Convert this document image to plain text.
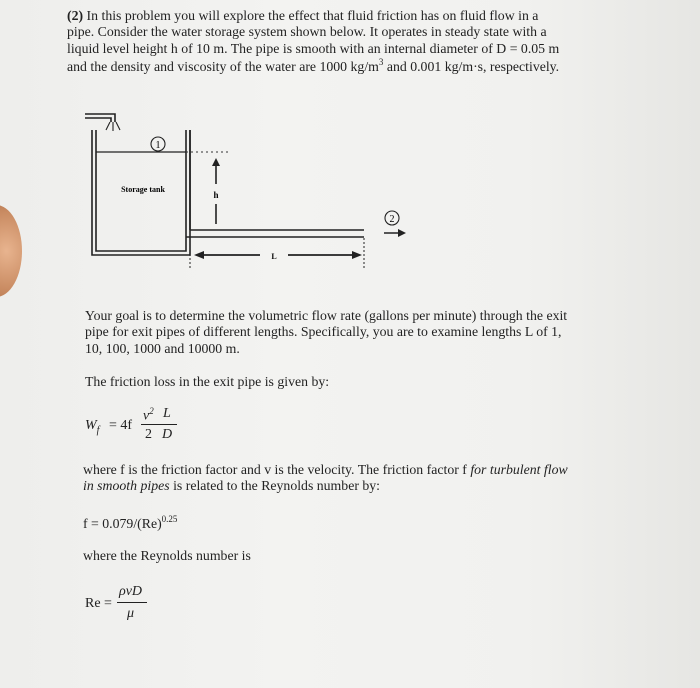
(2) In this problem you will explore the effect that fluid friction has on fluid flow in a
pipe. Consider the water storage system shown below. It operates in steady state with a
liquid level height h of 10 m. The pipe is smooth with an internal diameter of D = 0.05 m
and the density and viscosity of the water are 1000 $kg/m^3$ and 0.001 kg/m·s, respectively.
1
Storage tank
h
2
L
Your goal is to determine the volumetric flow rate (gallons per minute) through the exit
pipe for exit pipes of different lengths. Specifically, you are to examine lengths L of 1,
10, 100, 1000 and 10000 m.
The friction loss in the exit pipe is given by:
$W_f = 4f$
$v^2$
2
L
D
where f is the friction factor and v is the velocity. The friction factor f for turbulent flow
in smooth pipes is related to the Reynolds number by:
$f = 0.079/(Re)^{0.25}$
where the Reynolds number is
Re =
ρvD
μ
